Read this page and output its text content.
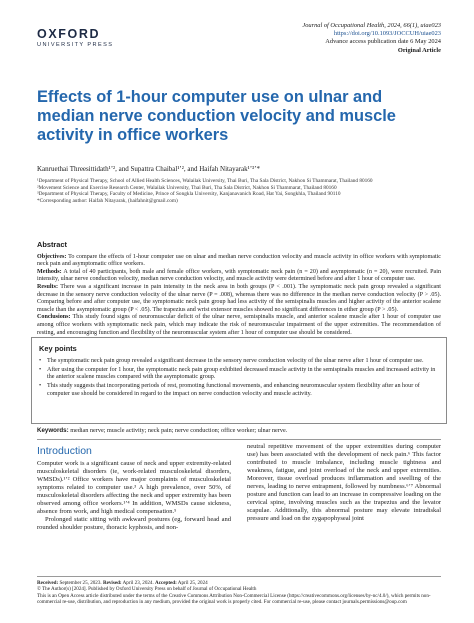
OXFORD
UNIVERSITY PRESS
Journal of Occupational Health, 2024, 66(1), uiae023
https://doi.org/10.1093/JOCCUH/uiae023
Advance access publication date 6 May 2024
Original Article
Effects of 1-hour computer use on ulnar and median nerve conduction velocity and muscle activity in office workers
Kanruethai Threesittidath¹ʼ², and Supattra Chaibal¹ʼ², and Haifah Nitayarak¹ʼ³ʼ*
¹Department of Physical Therapy, School of Allied Health Sciences, Walailak University, Thai Buri, Tha Sala District, Nakhon Si Thammarat, Thailand 80160
²Movement Science and Exercise Research Center, Walailak University, Thai Buri, Tha Sala District, Nakhon Si Thammarat, Thailand 80160
³Department of Physical Therapy, Faculty of Medicine, Prince of Songkla University, Kanjanavanich Road, Hat Yai, Songkhla, Thailand 90110
*Corresponding author: Haifah Nitayarak, (haifahnit@gmail.com)
Abstract

Objectives: To compare the effects of 1-hour computer use on ulnar and median nerve conduction velocity and muscle activity in office workers with symptomatic neck pain and asymptomatic office workers.

Methods: A total of 40 participants, both male and female office workers, with symptomatic neck pain (n = 20) and asymptomatic (n = 20), were recruited. Pain intensity, ulnar nerve conduction velocity, median nerve conduction velocity, and muscle activity were determined before and after 1 hour of computer use.

Results: There was a significant increase in pain intensity in the neck area in both groups (P < .001). The symptomatic neck pain group revealed a significant decrease in the sensory nerve conduction velocity of the ulnar nerve (P = .008), whereas there was no difference in the median nerve conduction velocity (P > .05). Comparing before and after computer use, the symptomatic neck pain group had less activity of the semispinalis muscles and higher activity of the anterior scalene muscle than the asymptomatic group (P < .05). The trapezius and wrist extensor muscles showed no significant differences in either group (P > .05).

Conclusions: This study found signs of neuromuscular deficit of the ulnar nerve, semispinalis muscle, and anterior scalene muscle after 1 hour of computer use among office workers with symptomatic neck pain, which may indicate the risk of neuromuscular impairment of the upper extremities. The recommendation of resting, and encouraging function and flexibility of the neuromuscular system after 1 hour of computer use should be considered.

Key points
• The symptomatic neck pain group revealed a significant decrease in the sensory nerve conduction velocity of the ulnar nerve after 1 hour of computer use.
• After using the computer for 1 hour, the symptomatic neck pain group exhibited decreased muscle activity in the semispinalis muscles and increased activity in the anterior scalene muscles compared with the asymptomatic group.
• This study suggests that incorporating periods of rest, promoting functional movements, and enhancing neuromuscular system flexibility after an hour of computer use should be considered in regard to the impact on nerve conduction velocity and muscle activity.
Keywords: median nerve; muscle activity; neck pain; nerve conduction; office worker; ulnar nerve.
Introduction

Computer work is a significant cause of neck and upper extremity-related musculoskeletal disorders (ie, work-related musculoskeletal disorders, WMSDs).¹ʼ² Office workers have major complaints of musculoskeletal symptoms related to computer use.³ A high prevalence, over 50%, of musculoskeletal disorders affecting the neck and upper extremity has been observed among office workers.¹ʼ⁴ In addition, WMSDs cause sickness, absence from work, and high medical compensation.⁵

Prolonged static sitting with awkward postures (eg, forward head and rounded shoulder posture, thoracic kyphosis, and non-

neutral repetitive movement of the upper extremities during computer use) has been associated with the development of neck pain.⁶ This factor contributed to muscle imbalance, including muscle tightness and weakness, fatigue, and joint overload of the neck and upper extremities. Moreover, tissue overload produces inflammation and swelling of the nerves, leading to nerve entrapment, followed by numbness.⁶ʼ⁷ Abnormal posture and function can lead to an increase in compressive loading on the cervical spine, involving muscles such as the trapezius and the levator scapulae. Additionally, this abnormal posture may elevate intradiskal pressure and load on the zygapophyseal joint

Received: September 25, 2023. Revised: April 23, 2024. Accepted: April 25, 2024
© The Author(s) [2024]. Published by Oxford University Press on behalf of Journal of Occupational Health
This is an Open Access article distributed under the terms of the Creative Commons Attribution Non-Commercial License (https://creativecommons.org/licenses/by-nc/4.0/), which permits non-commercial re-use, distribution, and reproduction in any medium, provided the original work is properly cited. For commercial re-use, please contact journals.permissions@oup.com
